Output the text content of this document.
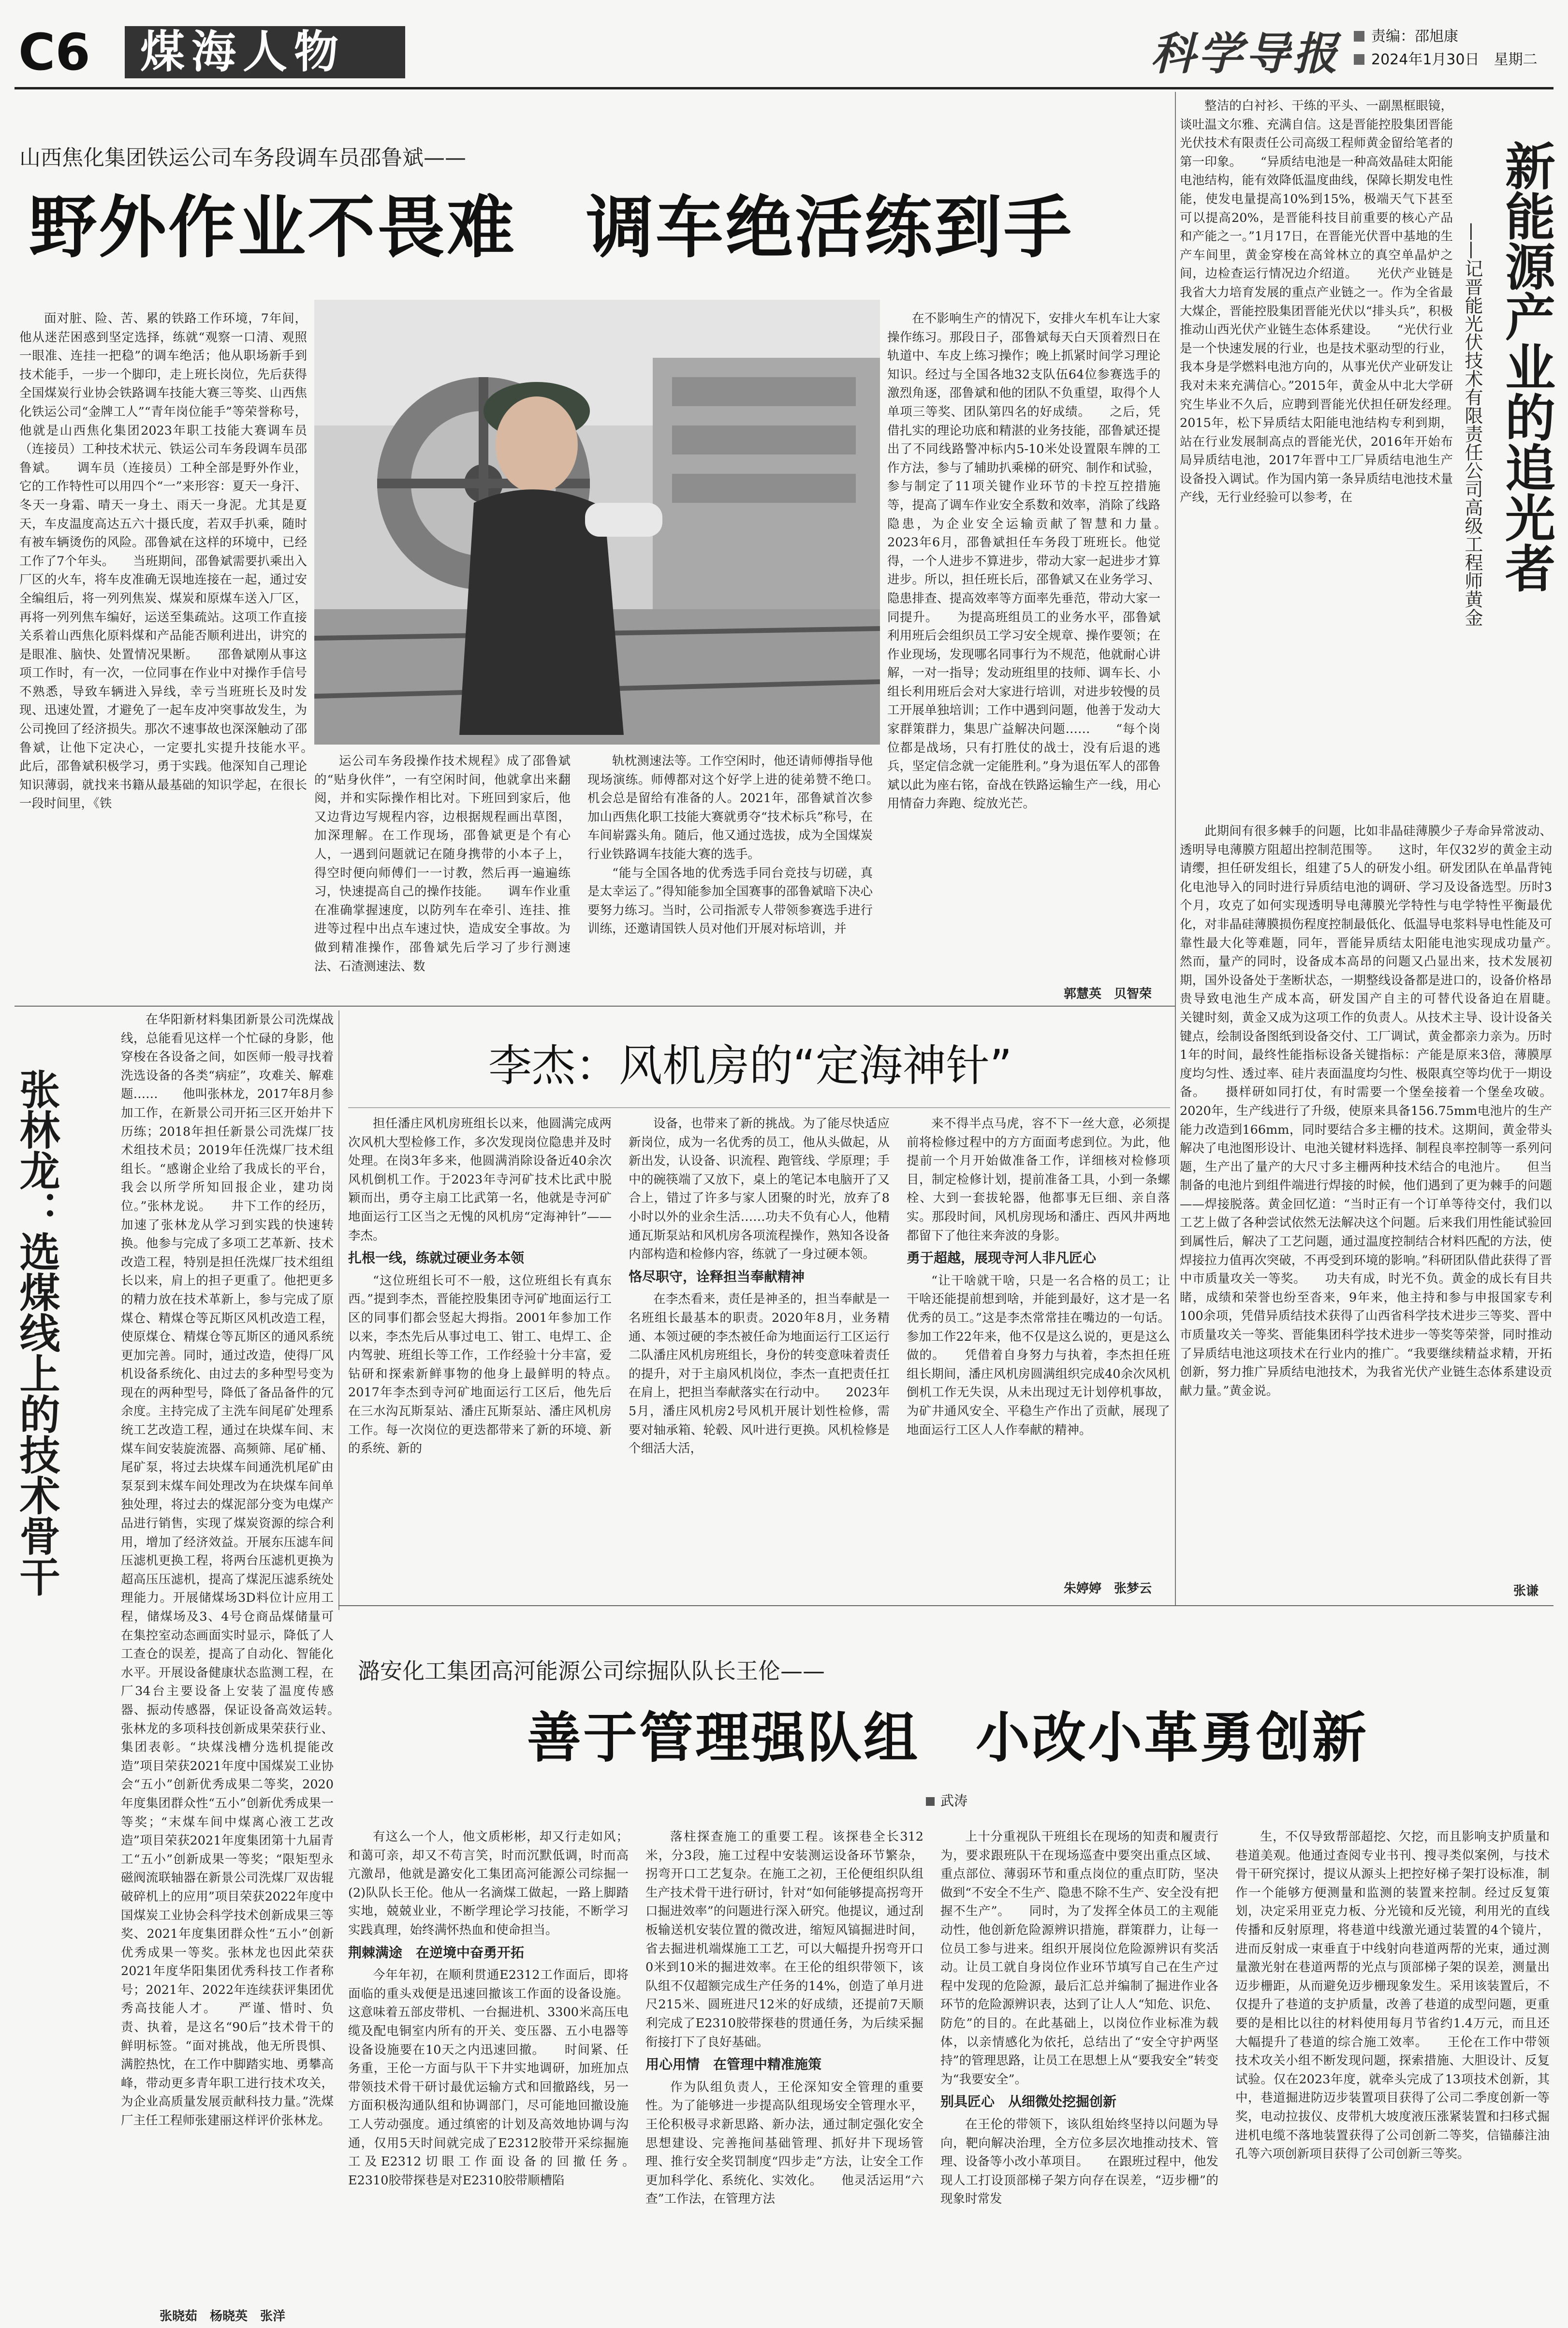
C6 煤海人物	科学导报 责编：邵旭康
2024年1月30日　星期二
山西焦化集团铁运公司车务段调车员邵鲁斌——
野外作业不畏难　调车绝活练到手

面对脏、险、苦、累的铁路工作环境，7年间，他从迷茫困惑到坚定选择，练就“观察一口清、观照一眼准、连挂一把稳”的调车绝活；他从职场新手到技术能手，一步一个脚印，走上班长岗位，先后获得全国煤炭行业协会铁路调车技能大赛三等奖、山西焦化铁运公司“金牌工人”“青年岗位能手”等荣誉称号，他就是山西焦化集团2023年职工技能大赛调车员（连接员）工种技术状元、铁运公司车务段调车员邵鲁斌。　　调车员（连接员）工种全部是野外作业，它的工作特性可以用四个“一”来形容：夏天一身汗、冬天一身霜、晴天一身土、雨天一身泥。尤其是夏天，车皮温度高达五六十摄氏度，若双手扒乘，随时有被车辆烫伤的风险。邵鲁斌在这样的环境中，已经工作了7个年头。　　当班期间，邵鲁斌需要扒乘出入厂区的火车，将车皮准确无误地连接在一起，通过安全编组后，将一列列焦炭、煤炭和原煤车送入厂区，再将一列列焦车编好，运送至集疏站。这项工作直接关系着山西焦化原料煤和产品能否顺利进出，讲究的是眼准、脑快、处置情况果断。　　邵鲁斌刚从事这项工作时，有一次，一位同事在作业中对操作手信号不熟悉，导致车辆进入异线，幸亏当班班长及时发现、迅速处置，才避免了一起车皮冲突事故发生，为公司挽回了经济损失。那次不速事故也深深触动了邵鲁斌，让他下定决心，一定要扎实提升技能水平。　　此后，邵鲁斌积极学习，勇于实践。他深知自己理论知识薄弱，就找来书籍从最基础的知识学起，在很长一段时间里，《铁

运公司车务段操作技术规程》成了邵鲁斌的“贴身伙伴”，一有空闲时间，他就拿出来翻阅，并和实际操作相比对。下班回到家后，他又边背边写规程内容，边根据规程画出草图，加深理解。在工作现场，邵鲁斌更是个有心人，一遇到问题就记在随身携带的小本子上，得空时便向师傅们一一讨教，然后再一遍遍练习，快速提高自己的操作技能。　　调车作业重在准确掌握速度，以防列车在牵引、连挂、推进等过程中出点车速过快，造成安全事故。为做到精准操作，邵鲁斌先后学习了步行测速法、石渣测速法、数

轨枕测速法等。工作空闲时，他还请师傅指导他现场演练。师傅都对这个好学上进的徒弟赞不绝口。　　机会总是留给有准备的人。2021年，邵鲁斌首次参加山西焦化职工技能大赛就勇夺“技术标兵”称号，在车间崭露头角。随后，他又通过选拔，成为全国煤炭行业铁路调车技能大赛的选手。

“能与全国各地的优秀选手同台竞技与切磋，真是太幸运了。”得知能参加全国赛事的邵鲁斌暗下决心要努力练习。当时，公司指派专人带领参赛选手进行训练，还邀请国铁人员对他们开展对标培训，并

在不影响生产的情况下，安排火车机车让大家操作练习。那段日子，邵鲁斌每天白天顶着烈日在轨道中、车皮上练习操作；晚上抓紧时间学习理论知识。经过与全国各地32支队伍64位参赛选手的激烈角逐，邵鲁斌和他的团队不负重望，取得个人单项三等奖、团队第四名的好成绩。　　之后，凭借扎实的理论功底和精湛的业务技能，邵鲁斌还提出了不同线路警冲标内5-10米处设置限车牌的工作方法，参与了辅助扒乘梯的研究、制作和试验，参与制定了11项关键作业环节的卡控互控措施等，提高了调车作业安全系数和效率，消除了线路隐患，为企业安全运输贡献了智慧和力量。　　2023年6月，邵鲁斌担任车务段丁班班长。他觉得，一个人进步不算进步，带动大家一起进步才算进步。所以，担任班长后，邵鲁斌又在业务学习、隐患排查、提高效率等方面率先垂范，带动大家一同提升。　　为提高班组员工的业务水平，邵鲁斌利用班后会组织员工学习安全规章、操作要领；在作业现场，发现哪名同事行为不规范，他就耐心讲解，一对一指导；发动班组里的技师、调车长、小组长利用班后会对大家进行培训，对进步较慢的员工开展单独培训；工作中遇到问题，他善于发动大家群策群力，集思广益解决问题……　　“每个岗位都是战场，只有打胜仗的战士，没有后退的逃兵，坚定信念就一定能胜利。”身为退伍军人的邵鲁斌以此为座右铭，奋战在铁路运输生产一线，用心用情奋力奔跑、绽放光芒。

郭慧英　贝智荣

整洁的白衬衫、干练的平头、一副黑框眼镜，谈吐温文尔雅、充满自信。这是晋能控股集团晋能光伏技术有限责任公司高级工程师黄金留给笔者的第一印象。　　“异质结电池是一种高效晶硅太阳能电池结构，能有效降低温度曲线，保障长期发电性能，使发电量提高10%到15%，极端天气下甚至可以提高20%，是晋能科技目前重要的核心产品和产能之一。”1月17日，在晋能光伏晋中基地的生产车间里，黄金穿梭在高耸林立的真空单晶炉之间，边检查运行情况边介绍道。　　光伏产业链是我省大力培育发展的重点产业链之一。作为全省最大煤企，晋能控股集团晋能光伏以“排头兵”，积极推动山西光伏产业链生态体系建设。　　“光伏行业是一个快速发展的行业，也是技术驱动型的行业，我本身是学燃料电池方向的，从事光伏产业研发让我对未来充满信心。”2015年，黄金从中北大学研究生毕业不久后，应聘到晋能光伏担任研发经理。　　2015年，松下异质结太阳能电池结构专利到期，站在行业发展制高点的晋能光伏，2016年开始布局异质结电池，2017年晋中工厂异质结电池生产设备投入调试。作为国内第一条异质结电池技术量产线，无行业经验可以参考，在	新能源产业的追光者
——记晋能光伏技术有限责任公司高级工程师黄金

此期间有很多棘手的问题，比如非晶硅薄膜少子寿命异常波动、透明导电薄膜方阻超出控制范围等。　　这时，年仅32岁的黄金主动请缨，担任研发组长，组建了5人的研发小组。研发团队在单晶背钝化电池导入的同时进行异质结电池的调研、学习及设备选型。历时3个月，攻克了如何实现透明导电薄膜光学特性与电学特性平衡最优化，对非晶硅薄膜损伤程度控制最低化、低温导电浆料导电性能及可靠性最大化等难题，同年，晋能异质结太阳能电池实现成功量产。　　然而，量产的同时，设备成本高昂的问题又凸显出来，技术发展初期，国外设备处于垄断状态，一期整线设备都是进口的，设备价格昂贵导致电池生产成本高，研发国产自主的可替代设备迫在眉睫。　　关键时刻，黄金又成为这项工作的负责人。从技术主导、设计设备关键点，绘制设备图纸到设备交付、工厂调试，黄金都亲力亲为。历时1年的时间，最终性能指标设备关键指标：产能是原来3倍，薄膜厚度均匀性、透过率、硅片表面温度均匀性、极限真空等均优于一期设备。　　摄样研如同打仗，有时需要一个堡垒接着一个堡垒攻破。2020年，生产线进行了升级，使原来具备156.75mm电池片的生产能力改造到166mm，同时要结合多主栅的技术。这期间，黄金带头解决了电池图形设计、电池关键材料选择、制程良率控制等一系列问题，生产出了量产的大尺寸多主栅两种技术结合的电池片。　　但当制备的电池片到组件端进行焊接的时候，他们遇到了更为棘手的问题——焊接脱落。黄金回忆道：“当时正有一个订单等待交付，我们以工艺上做了各种尝试依然无法解决这个问题。后来我们用性能试验回到属性后，解决了工艺问题，通过温度控制结合材料匹配的方法，使焊接拉力值再次突破，不再受到环境的影响。”科研团队借此获得了晋中市质量攻关一等奖。　　功夫有成，时光不负。黄金的成长有目共睹，成绩和荣誉也纷至沓来，9年来，他主持和参与申报国家专利100余项，凭借异质结技术获得了山西省科学技术进步三等奖、晋中市质量攻关一等奖、晋能集团科学技术进步一等奖等荣誉，同时推动了异质结电池这项技术在行业内的推广。“我要继续精益求精，开拓创新，努力推广异质结电池技术，为我省光伏产业链生态体系建设贡献力量。”黄金说。

张谦
张林龙：选煤线上的技术骨干

在华阳新材料集团新景公司洗煤战线，总能看见这样一个忙碌的身影，他穿梭在各设备之间，如医师一般寻找着洗选设备的各类“病症”，攻难关、解难题……　　他叫张林龙，2017年8月参加工作，在新景公司开拓三区开始井下历练；2018年担任新景公司洗煤厂技术组技术员；2019年任洗煤厂技术组组长。“感谢企业给了我成长的平台，我会以所学所知回报企业，建功岗位。”张林龙说。　　井下工作的经历，加速了张林龙从学习到实践的快速转换。他参与完成了多项工艺革新、技术改造工程，特别是担任洗煤厂技术组组长以来，肩上的担子更重了。他把更多的精力放在技术革新上，参与完成了原煤仓、精煤仓等瓦斯区风机改造工程，使原煤仓、精煤仓等瓦斯区的通风系统更加完善。同时，通过改造，使得厂风机设备系统化、由过去的多种型号变为现在的两种型号，降低了备品备件的冗余度。主持完成了主洗车间尾矿处理系统工艺改造工程，通过在块煤车间、末煤车间安装旋流器、高频筛、尾矿桶、尾矿泵，将过去块煤车间通洗机尾矿由泵泵到末煤车间处理改为在块煤车间单独处理，将过去的煤泥部分变为电煤产品进行销售，实现了煤炭资源的综合利用，增加了经济效益。开展东压滤车间压滤机更换工程，将两台压滤机更换为超高压压滤机，提高了煤泥压滤系统处理能力。开展储煤场3D料位计应用工程，储煤场及3、4号仓商品煤储量可在集控室动态画面实时显示，降低了人工查仓的误差，提高了自动化、智能化水平。开展设备健康状态监测工程，在厂34台主要设备上安装了温度传感器、振动传感器，保证设备高效运转。　　张林龙的多项科技创新成果荣获行业、集团表彰。“块煤浅槽分选机提能改造”项目荣获2021年度中国煤炭工业协会“五小”创新优秀成果二等奖，2020年度集团群众性“五小”创新优秀成果一等奖；“末煤车间中煤离心液工艺改造”项目荣获2021年度集团第十九届青工“五小”创新成果一等奖；“限矩型永磁阀流联轴器在新景公司洗煤厂双齿辊破碎机上的应用”项目荣获2022年度中国煤炭工业协会科学技术创新成果三等奖、2021年度集团群众性“五小”创新优秀成果一等奖。张林龙也因此荣获2021年度华阳集团优秀科技工作者称号；2021年、2022年连续获评集团优秀高技能人才。　　严谨、惜时、负责、执着，是这名“90后”技术骨干的鲜明标签。“面对挑战，他无所畏惧、满腔热忱，在工作中脚踏实地、勇攀高峰，带动更多青年职工进行技术攻关，为企业高质量发展贡献科技力量。”洗煤厂主任工程师张建丽这样评价张林龙。

张晓茹　杨晓英　张洋
李杰：风机房的“定海神针”

担任潘庄风机房班组长以来，他圆满完成两次风机大型检修工作，多次发现岗位隐患并及时处理。在岗3年多来，他圆满消除设备近40余次风机倒机工作。于2023年寺河矿技术比武中脱颖而出，勇夺主扇工比武第一名，他就是寺河矿地面运行工区当之无愧的风机房“定海神针”——李杰。

扎根一线，练就过硬业务本领

“这位班组长可不一般，这位班组长有真东西。”提到李杰，晋能控股集团寺河矿地面运行工区的同事们都会竖起大拇指。2001年参加工作以来，李杰先后从事过电工、钳工、电焊工、企内驾驶、班组长等工作，工作经验十分丰富，爱钻研和探索新鲜事物的他身上最鲜明的特点。　　2017年李杰到寺河矿地面运行工区后，他先后在三水沟瓦斯泵站、潘庄瓦斯泵站、潘庄风机房工作。每一次岗位的更迭都带来了新的环境、新的系统、新的

设备，也带来了新的挑战。为了能尽快适应新岗位，成为一名优秀的员工，他从头做起，从新出发，认设备、识流程、跑管线、学原理；手中的碗筷端了又放下，桌上的笔记本电脑开了又合上，错过了许多与家人团聚的时光，放弃了8小时以外的业余生活……功夫不负有心人，他精通瓦斯泵站和风机房各项流程操作，熟知各设备内部构造和检修内容，练就了一身过硬本领。

恪尽职守，诠释担当奉献精神

在李杰看来，责任是神圣的，担当奉献是一名班组长最基本的职责。2020年8月，业务精通、本领过硬的李杰被任命为地面运行工区运行二队潘庄风机房班组长，身份的转变意味着责任的提升，对于主扇风机岗位，李杰一直把责任扛在肩上，把担当奉献落实在行动中。　　2023年5月，潘庄风机房2号风机开展计划性检修，需要对轴承箱、轮毂、风叶进行更换。风机检修是个细活大活，

来不得半点马虎，容不下一丝大意，必须提前将检修过程中的方方面面考虑到位。为此，他提前一个月开始做准备工作，详细核对检修项目，制定检修计划，提前准备工具，小到一条螺栓、大到一套拔轮器，他都事无巨细、亲自落实。那段时间，风机房现场和潘庄、西风井两地都留下了他往来奔波的身影。

勇于超越，展现寺河人非凡匠心

“让干啥就干啥，只是一名合格的员工；让干啥还能提前想到啥，并能到最好，这才是一名优秀的员工。”这是李杰常常挂在嘴边的一句话。参加工作22年来，他不仅是这么说的，更是这么做的。　　凭借着自身努力与执着，李杰担任班组长期间，潘庄风机房圆满组织完成40余次风机倒机工作无失误，从未出现过无计划停机事故，为矿井通风安全、平稳生产作出了贡献，展现了地面运行工区人人作奉献的精神。

朱婷婷　张梦云
潞安化工集团高河能源公司综掘队队长王伦——
善于管理强队组　小改小革勇创新
武涛

有这么一个人，他文质彬彬，却又行走如风；和蔼可亲，却又不苟言笑，时而沉默低调，时而高亢激昂，他就是潞安化工集团高河能源公司综掘一(2)队队长王伦。他从一名滴煤工做起，一路上脚踏实地，兢兢业业，不断学理论学习技能，不断学习实践真理，始终满怀热血和使命担当。

荆棘满途　在逆境中奋勇开拓

今年年初，在顺利贯通E2312工作面后，即将面临的重头戏便是迅速回撤该工作面的设备设施。这意味着五部皮带机、一台掘进机、3300米高压电缆及配电铜室内所有的开关、变压器、五小电器等设备设施要在10天之内迅速回撤。　　时间紧、任务重，王伦一方面与队干下井实地调研，加班加点带领技术骨干研讨最优运输方式和回撤路线，另一方面积极沟通队组和协调部门，尽可能地回撤设施工人劳动强度。通过缜密的计划及高效地协调与沟通，仅用5天时间就完成了E2312胶带开采综掘施工及E2312切眼工作面设备的回撤任务。　　E2310胶带探巷是对E2310胶带顺槽陷

落柱探查施工的重要工程。该探巷全长312米，分3段，施工过程中安装测运设备环节繁杂，拐弯开口工艺复杂。在施工之初，王伦便组织队组生产技术骨干进行研讨，针对“如何能够提高拐弯开口掘进效率”的问题进行深入研究。他提议，通过刮板输送机安装位置的微改进，缩短风镐掘进时间，省去掘进机端煤施工工艺，可以大幅提升拐弯开口0米到10米的掘进效率。在王伦的组织带领下，该队组不仅超额完成生产任务的14%，创造了单月进尺215米、圆班进尺12米的好成绩，还提前7天顺利完成了E2310胶带探巷的贯通任务，为后续采掘衔接打下了良好基础。

用心用情　在管理中精准施策

作为队组负责人，王伦深知安全管理的重要性。为了能够进一步提高队组现场安全管理水平，王伦积极寻求新思路、新办法，通过制定强化安全思想建设、完善拖间基础管理、抓好井下现场管理、推行安全奖罚制度“四步走”方法，让安全工作更加科学化、系统化、实效化。　　他灵活运用“六查”工作法，在管理方法

上十分重视队干班组长在现场的知责和履责行为，要求跟班队干在现场巡查中要突出重点区域、重点部位、薄弱环节和重点岗位的重点盯防，坚决做到“不安全不生产、隐患不除不生产、安全没有把握不生产”。　　同时，为了发挥全体员工的主观能动性，他创新危险源辨识措施，群策群力，让每一位员工参与进来。组织开展岗位危险源辨识有奖活动。让员工就自身岗位作业环节填写自己在生产过程中发现的危险源，最后汇总并编制了掘进作业各环节的危险源辨识表，达到了让人人“知危、识危、防危”的目的。在此基础上，以岗位作业标准为载体，以亲情感化为依托，总结出了“安全守护两坚持”的管理思路，让员工在思想上从“要我安全”转变为“我要安全”。

别具匠心　从细微处挖掘创新

在王伦的带领下，该队组始终坚持以问题为导向，靶向解决治理，全方位多层次地推动技术、管理、设备等小改小革项目。　　在跟班过程中，他发现人工打设顶部梯子架方向存在误差，“迈步栅”的现象时常发

生，不仅导致帮部超挖、欠挖，而且影响支护质量和巷道美观。他通过查阅专业书刊、搜寻类似案例，与技术骨干研究探讨，提议从源头上把控好梯子架打设标准，制作一个能够方便测量和监测的装置来控制。经过反复策划，决定采用亚克力板、分光镜和反光镜，利用光的直线传播和反射原理，将巷道中线激光通过装置的4个镜片，进而反射成一束垂直于中线射向巷道两帮的光束，通过测量激光射在巷道两帮的光点与顶部梯子架的误差，测量出迈步栅距，从而避免迈步栅现象发生。采用该装置后，不仅提升了巷道的支护质量，改善了巷道的成型问题，更重要的是相比以往的材料使用每月节省约1.4万元，而且还大幅提升了巷道的综合施工效率。　　王伦在工作中带领技术攻关小组不断发现问题，探索措施、大胆设计、反复试验。仅在2023年度，就牵头完成了13项技术创新，其中，巷道掘进防迈步装置项目获得了公司二季度创新一等奖，电动拉拔仪、皮带机大坡度液压涨紧装置和扫移式掘进机电缆不落地装置获得了公司创新二等奖，信锚藤注油孔等六项创新项目获得了公司创新三等奖。
